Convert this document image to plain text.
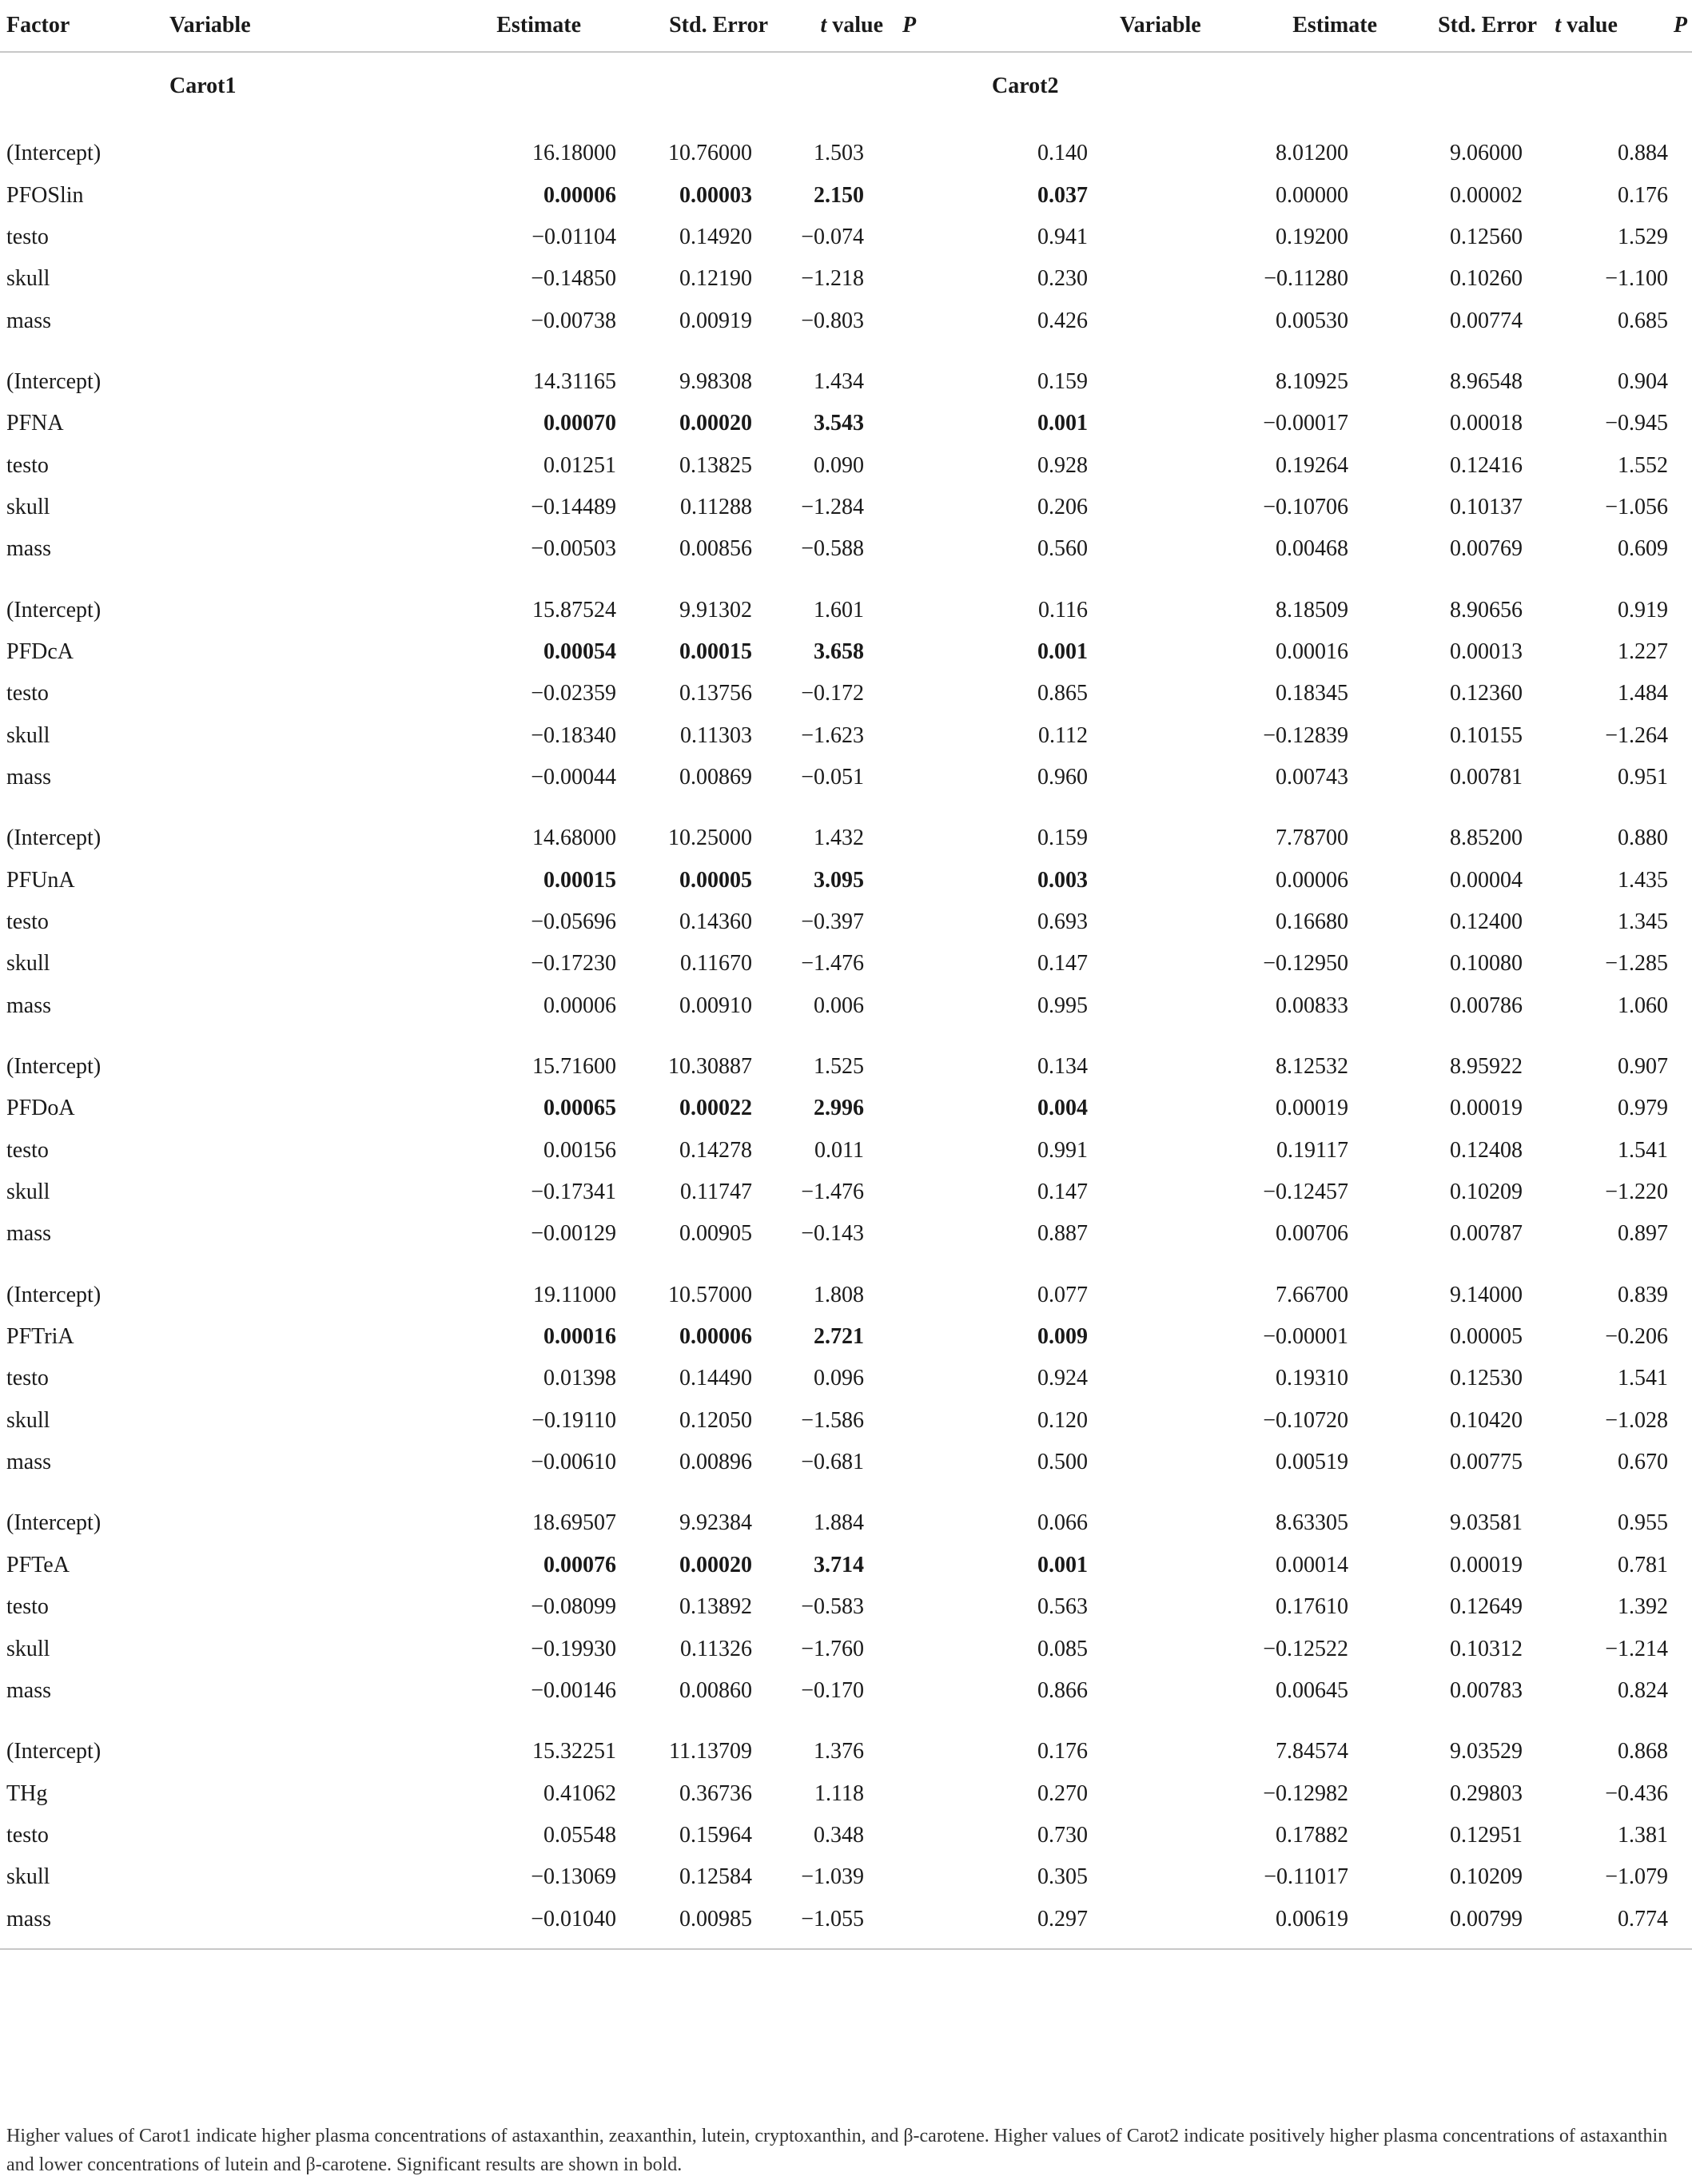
Factor	Variable	Estimate	Std. Error	t value	P	Variable	Estimate	Std. Error	t value	P
	Carot1		Carot2

(Intercept)		16.18000	10.76000	1.503	0.140	8.01200	9.06000	0.884	
PFOSlin		0.00006	0.00003	2.150	0.037	0.00000	0.00002	0.176	
testo		−0.01104	0.14920	−0.074	0.941	0.19200	0.12560	1.529	
skull		−0.14850	0.12190	−1.218	0.230	−0.11280	0.10260	−1.100	
mass		−0.00738	0.00919	−0.803	0.426	0.00530	0.00774	0.685	

(Intercept)		14.31165	9.98308	1.434	0.159	8.10925	8.96548	0.904	
PFNA		0.00070	0.00020	3.543	0.001	−0.00017	0.00018	−0.945	
testo		0.01251	0.13825	0.090	0.928	0.19264	0.12416	1.552	
skull		−0.14489	0.11288	−1.284	0.206	−0.10706	0.10137	−1.056	
mass		−0.00503	0.00856	−0.588	0.560	0.00468	0.00769	0.609	

(Intercept)		15.87524	9.91302	1.601	0.116	8.18509	8.90656	0.919	
PFDcA		0.00054	0.00015	3.658	0.001	0.00016	0.00013	1.227	
testo		−0.02359	0.13756	−0.172	0.865	0.18345	0.12360	1.484	
skull		−0.18340	0.11303	−1.623	0.112	−0.12839	0.10155	−1.264	
mass		−0.00044	0.00869	−0.051	0.960	0.00743	0.00781	0.951	

(Intercept)		14.68000	10.25000	1.432	0.159	7.78700	8.85200	0.880	
PFUnA		0.00015	0.00005	3.095	0.003	0.00006	0.00004	1.435	
testo		−0.05696	0.14360	−0.397	0.693	0.16680	0.12400	1.345	
skull		−0.17230	0.11670	−1.476	0.147	−0.12950	0.10080	−1.285	
mass		0.00006	0.00910	0.006	0.995	0.00833	0.00786	1.060	

(Intercept)		15.71600	10.30887	1.525	0.134	8.12532	8.95922	0.907	
PFDoA		0.00065	0.00022	2.996	0.004	0.00019	0.00019	0.979	
testo		0.00156	0.14278	0.011	0.991	0.19117	0.12408	1.541	
skull		−0.17341	0.11747	−1.476	0.147	−0.12457	0.10209	−1.220	
mass		−0.00129	0.00905	−0.143	0.887	0.00706	0.00787	0.897	

(Intercept)		19.11000	10.57000	1.808	0.077	7.66700	9.14000	0.839	
PFTriA		0.00016	0.00006	2.721	0.009	−0.00001	0.00005	−0.206	
testo		0.01398	0.14490	0.096	0.924	0.19310	0.12530	1.541	
skull		−0.19110	0.12050	−1.586	0.120	−0.10720	0.10420	−1.028	
mass		−0.00610	0.00896	−0.681	0.500	0.00519	0.00775	0.670	

(Intercept)		18.69507	9.92384	1.884	0.066	8.63305	9.03581	0.955	
PFTeA		0.00076	0.00020	3.714	0.001	0.00014	0.00019	0.781	
testo		−0.08099	0.13892	−0.583	0.563	0.17610	0.12649	1.392	
skull		−0.19930	0.11326	−1.760	0.085	−0.12522	0.10312	−1.214	
mass		−0.00146	0.00860	−0.170	0.866	0.00645	0.00783	0.824	

(Intercept)		15.32251	11.13709	1.376	0.176	7.84574	9.03529	0.868	
THg		0.41062	0.36736	1.118	0.270	−0.12982	0.29803	−0.436	
testo		0.05548	0.15964	0.348	0.730	0.17882	0.12951	1.381	
skull		−0.13069	0.12584	−1.039	0.305	−0.11017	0.10209	−1.079	
mass		−0.01040	0.00985	−1.055	0.297	0.00619	0.00799	0.774	

Higher values of Carot1 indicate higher plasma concentrations of astaxanthin, zeaxanthin, lutein, cryptoxanthin, and β-carotene. Higher values of Carot2 indicate positively higher plasma concentrations of astaxanthin and lower concentrations of lutein and β-carotene. Significant results are shown in bold.
